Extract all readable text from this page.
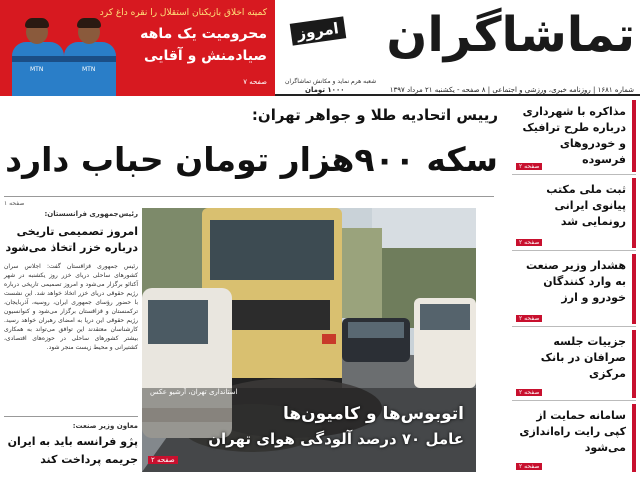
MTN	MTN
کمیته اخلاق بازیکنان استقلال را نقره داغ کرد
محرومیت یک ماهه
صیادمنش و آقایی
صفحه ۷
تماشاگران
امروز
شعبه هرم نماید و مکانش تماشاگران
۱۰۰۰ تومان	شماره ۱۶۸۱ | روزنامه خبری، ورزشی و اجتماعی | ۸ صفحه - یکشنبه ۲۱ مرداد ۱۳۹۷
رییس اتحادیه طلا و جواهر تهران:
سکه ۹۰۰هزار تومان حباب دارد
مذاکره با شهرداری درباره طرح ترافیک و خودروهای فرسوده
صفحه ۲
ثبت ملی مکتب پیانوی ایرانی رونمایی شد
صفحه ۲
هشدار وزیر صنعت به وارد کنندگان خودرو و ارز
صفحه ۲
جزییات جلسه صرافان در بانک مرکزی
صفحه ۲
سامانه حمایت از کپی رایت راه‌اندازی می‌شود
صفحه ۲
استانداری تهران، آرشیو عکس
اتوبوس‌ها و کامیون‌ها
عامل ۷۰ درصد آلودگی هوای تهران
صفحه ۲
صفحه ۱
رئیس‌جمهوری فرانسستان:
امروز تصمیمی تاریخی
درباره خزر اتخاذ می‌شود
رئیس جمهوری قزاقستان گفت: اجلاس سران کشورهای ساحلی دریای خزر روز یکشنبه در شهر آکتائو برگزار می‌شود و امروز تصمیمی تاریخی درباره رژیم حقوقی دریای خزر اتخاذ خواهد شد. این نشست با حضور رؤسای جمهوری ایران، روسیه، آذربایجان، ترکمنستان و قزاقستان برگزار می‌شود و کنوانسیون رژیم حقوقی این دریا به امضای رهبران خواهد رسید. کارشناسان معتقدند این توافق می‌تواند به همکاری بیشتر کشورهای ساحلی در حوزه‌های اقتصادی، کشتیرانی و محیط زیست منجر شود.
معاون وزیر صنعت:
پژو فرانسه باید به ایران
جریمه پرداخت کند
